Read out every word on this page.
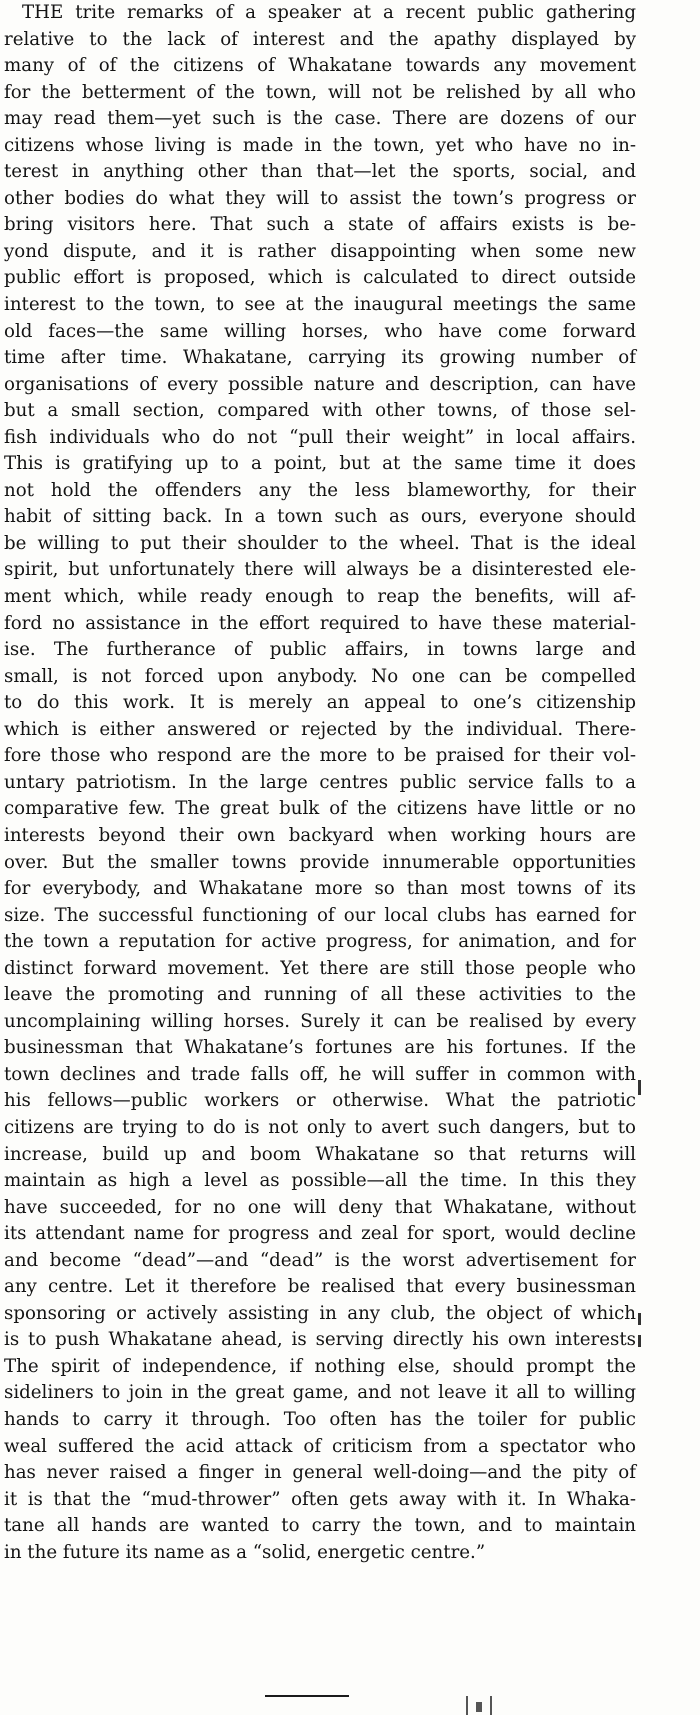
THE trite remarks of a speaker at a recent public gathering
relative to the lack of interest and the apathy displayed by
many of of the citizens of Whakatane towards any movement
for the betterment of the town, will not be relished by all who
may read them—yet such is the case. There are dozens of our
citizens whose living is made in the town, yet who have no in-
terest in anything other than that—let the sports, social, and
other bodies do what they will to assist the town’s progress or
bring visitors here. That such a state of affairs exists is be-
yond dispute, and it is rather disappointing when some new
public effort is proposed, which is calculated to direct outside
interest to the town, to see at the inaugural meetings the same
old faces—the same willing horses, who have come forward
time after time. Whakatane, carrying its growing number of
organisations of every possible nature and description, can have
but a small section, compared with other towns, of those sel-
fish individuals who do not “pull their weight” in local affairs.
This is gratifying up to a point, but at the same time it does
not hold the offenders any the less blameworthy, for their
habit of sitting back. In a town such as ours, everyone should
be willing to put their shoulder to the wheel. That is the ideal
spirit, but unfortunately there will always be a disinterested ele-
ment which, while ready enough to reap the benefits, will af-
ford no assistance in the effort required to have these material-
ise. The furtherance of public affairs, in towns large and
small, is not forced upon anybody. No one can be compelled
to do this work. It is merely an appeal to one’s citizenship
which is either answered or rejected by the individual. There-
fore those who respond are the more to be praised for their vol-
untary patriotism. In the large centres public service falls to a
comparative few. The great bulk of the citizens have little or no
interests beyond their own backyard when working hours are
over. But the smaller towns provide innumerable opportunities
for everybody, and Whakatane more so than most towns of its
size. The successful functioning of our local clubs has earned for
the town a reputation for active progress, for animation, and for
distinct forward movement. Yet there are still those people who
leave the promoting and running of all these activities to the
uncomplaining willing horses. Surely it can be realised by every
businessman that Whakatane’s fortunes are his fortunes. If the
town declines and trade falls off, he will suffer in common with
his fellows—public workers or otherwise. What the patriotic
citizens are trying to do is not only to avert such dangers, but to
increase, build up and boom Whakatane so that returns will
maintain as high a level as possible—all the time. In this they
have succeeded, for no one will deny that Whakatane, without
its attendant name for progress and zeal for sport, would decline
and become “dead”—and “dead” is the worst advertisement for
any centre. Let it therefore be realised that every businessman
sponsoring or actively assisting in any club, the object of which
is to push Whakatane ahead, is serving directly his own interests
The spirit of independence, if nothing else, should prompt the
sideliners to join in the great game, and not leave it all to willing
hands to carry it through. Too often has the toiler for public
weal suffered the acid attack of criticism from a spectator who
has never raised a finger in general well-doing—and the pity of
it is that the “mud-thrower” often gets away with it. In Whaka-
tane all hands are wanted to carry the town, and to maintain
in the future its name as a “solid, energetic centre.”
